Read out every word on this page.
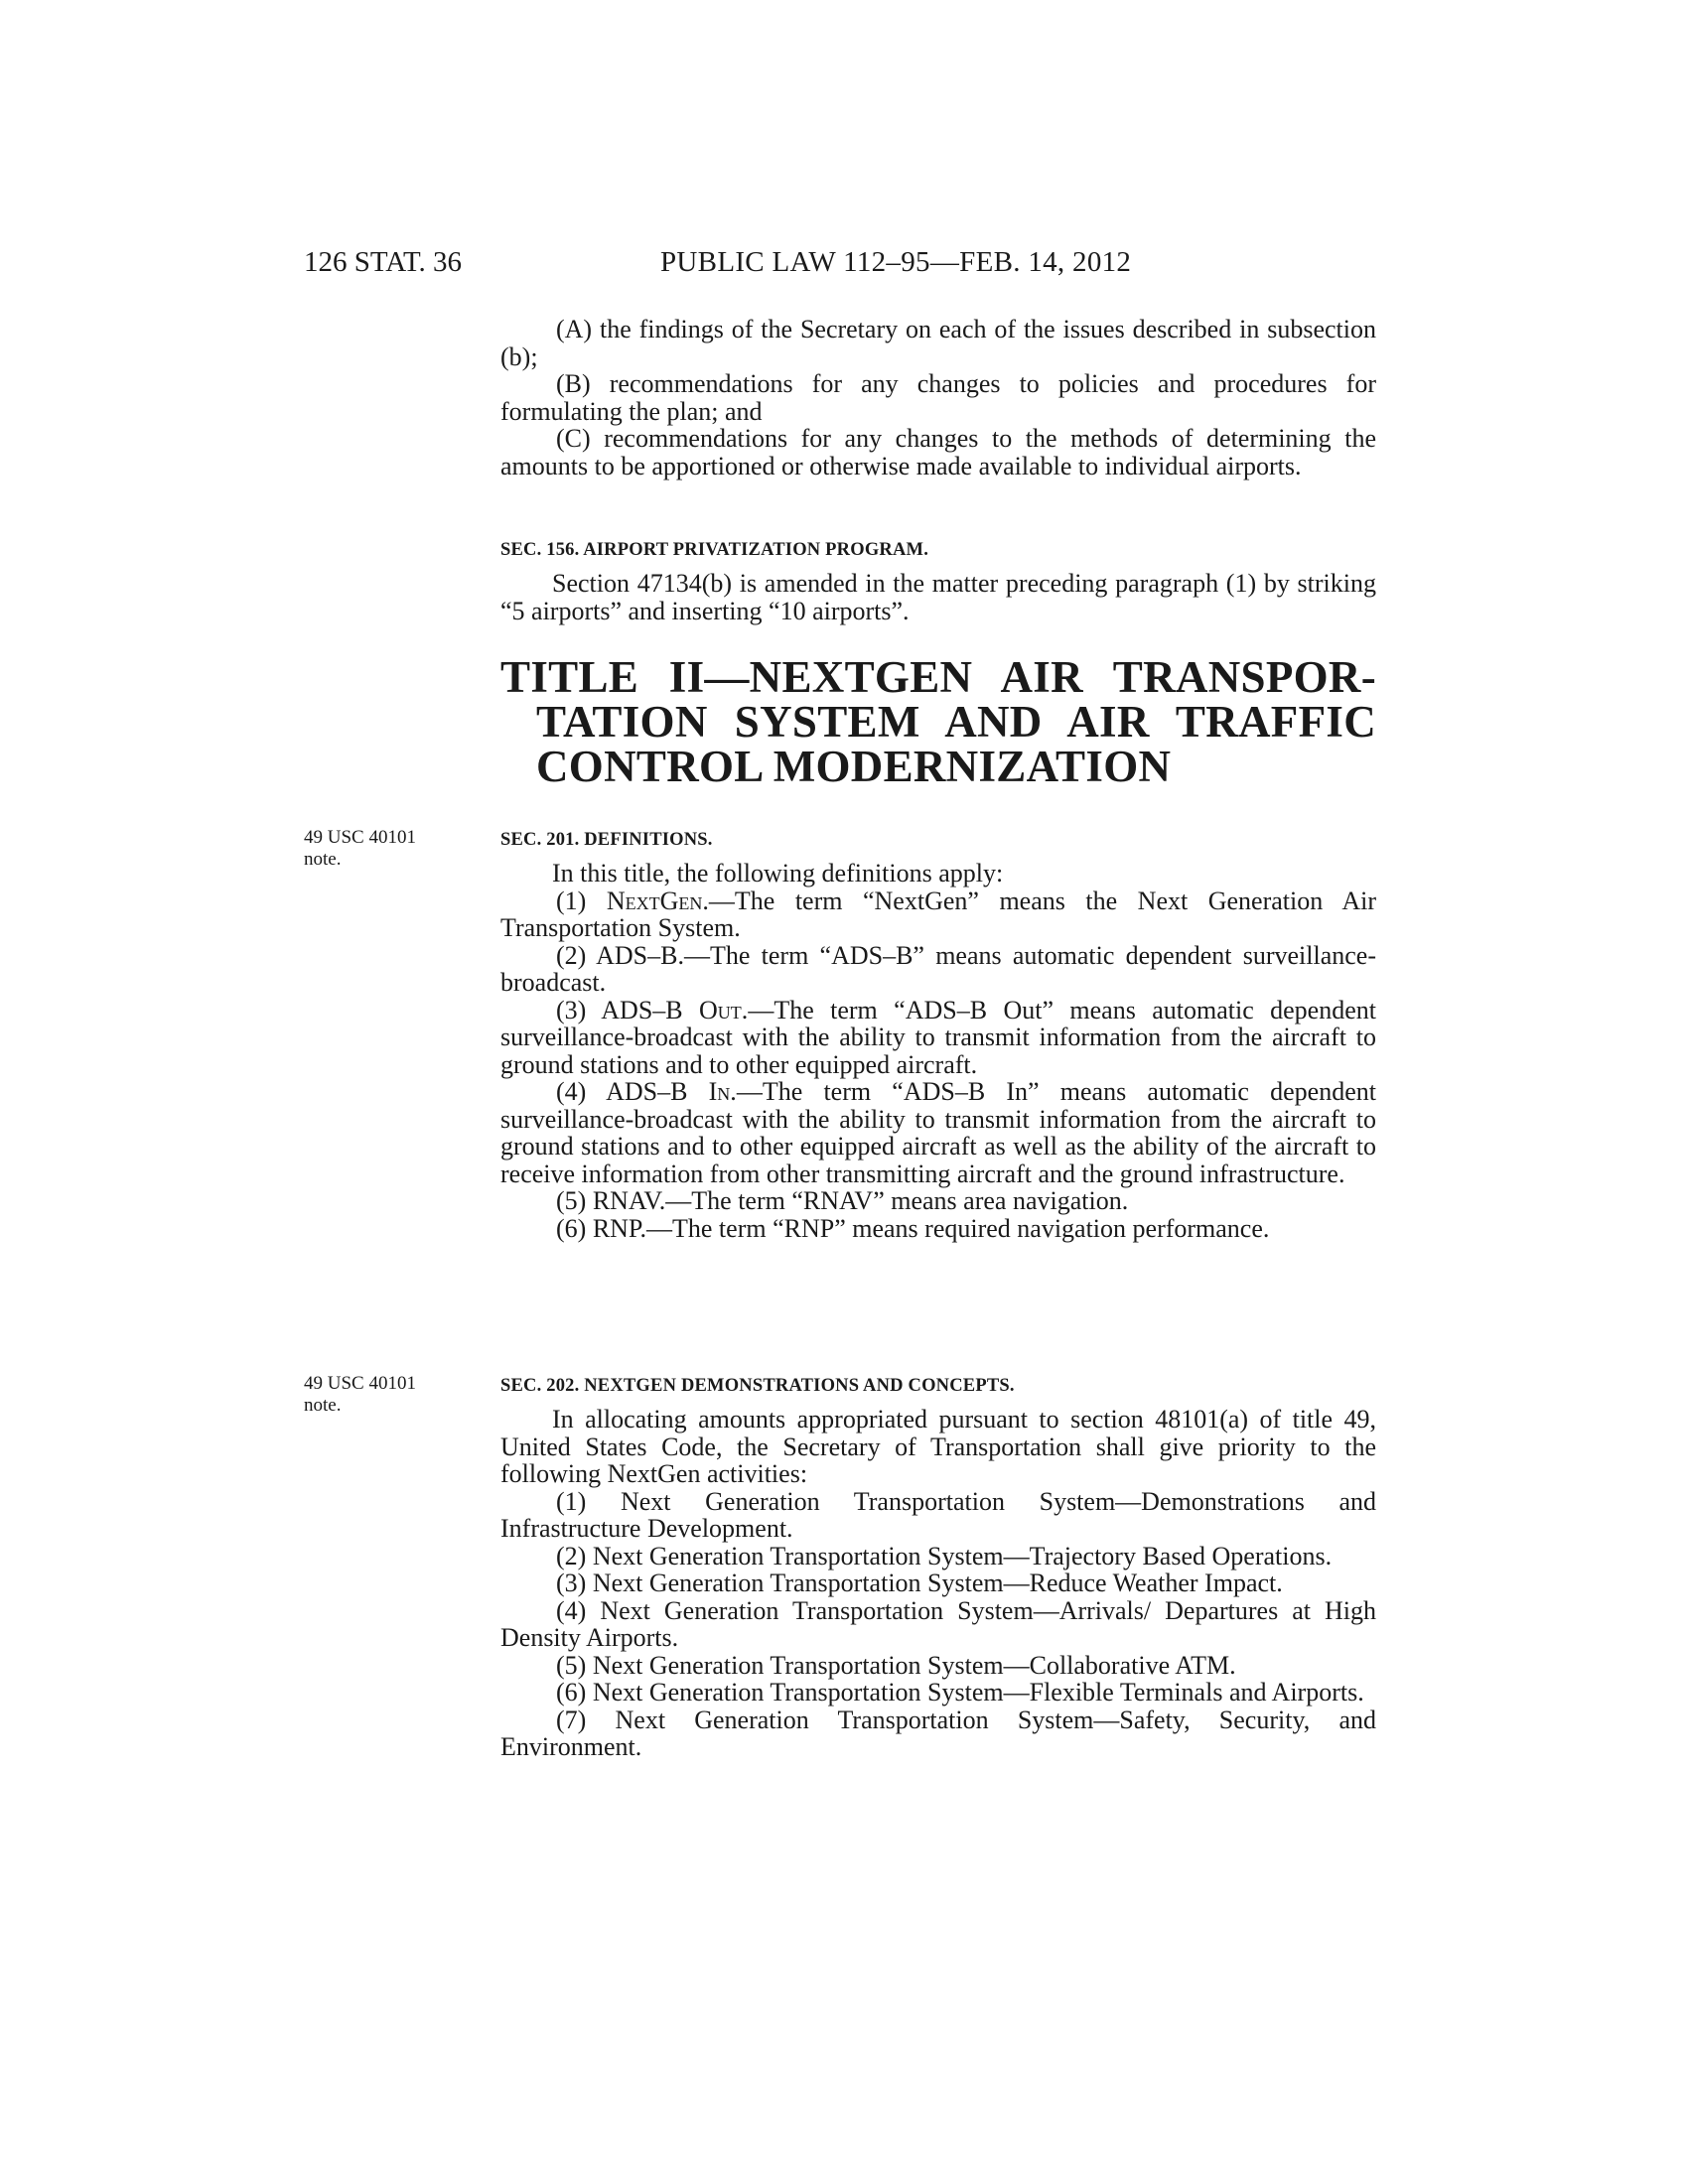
126 STAT. 36	PUBLIC LAW 112–95—FEB. 14, 2012

(A) the findings of the Secretary on each of the issues described in subsection (b);

(B) recommendations for any changes to policies and procedures for formulating the plan; and

(C) recommendations for any changes to the methods of determining the amounts to be apportioned or otherwise made available to individual airports.

SEC. 156. AIRPORT PRIVATIZATION PROGRAM.

Section 47134(b) is amended in the matter preceding paragraph (1) by striking “5 airports” and inserting “10 airports”.

TITLE II—NEXTGEN AIR TRANSPOR-
TATION SYSTEM AND AIR TRAFFIC
CONTROL MODERNIZATION
49 USC 40101
note.

SEC. 201. DEFINITIONS.

In this title, the following definitions apply:

(1) NextGen.—The term “NextGen” means the Next Generation Air Transportation System.

(2) ADS–B.—The term “ADS–B” means automatic dependent surveillance-broadcast.

(3) ADS–B Out.—The term “ADS–B Out” means automatic dependent surveillance-broadcast with the ability to transmit information from the aircraft to ground stations and to other equipped aircraft.

(4) ADS–B In.—The term “ADS–B In” means automatic dependent surveillance-broadcast with the ability to transmit information from the aircraft to ground stations and to other equipped aircraft as well as the ability of the aircraft to receive information from other transmitting aircraft and the ground infrastructure.

(5) RNAV.—The term “RNAV” means area navigation.

(6) RNP.—The term “RNP” means required navigation performance.

49 USC 40101
note.

SEC. 202. NEXTGEN DEMONSTRATIONS AND CONCEPTS.

In allocating amounts appropriated pursuant to section 48101(a) of title 49, United States Code, the Secretary of Transportation shall give priority to the following NextGen activities:

(1) Next Generation Transportation System—Demonstrations and Infrastructure Development.

(2) Next Generation Transportation System—Trajectory Based Operations.

(3) Next Generation Transportation System—Reduce Weather Impact.

(4) Next Generation Transportation System—Arrivals/ Departures at High Density Airports.

(5) Next Generation Transportation System—Collaborative ATM.

(6) Next Generation Transportation System—Flexible Terminals and Airports.

(7) Next Generation Transportation System—Safety, Security, and Environment.
